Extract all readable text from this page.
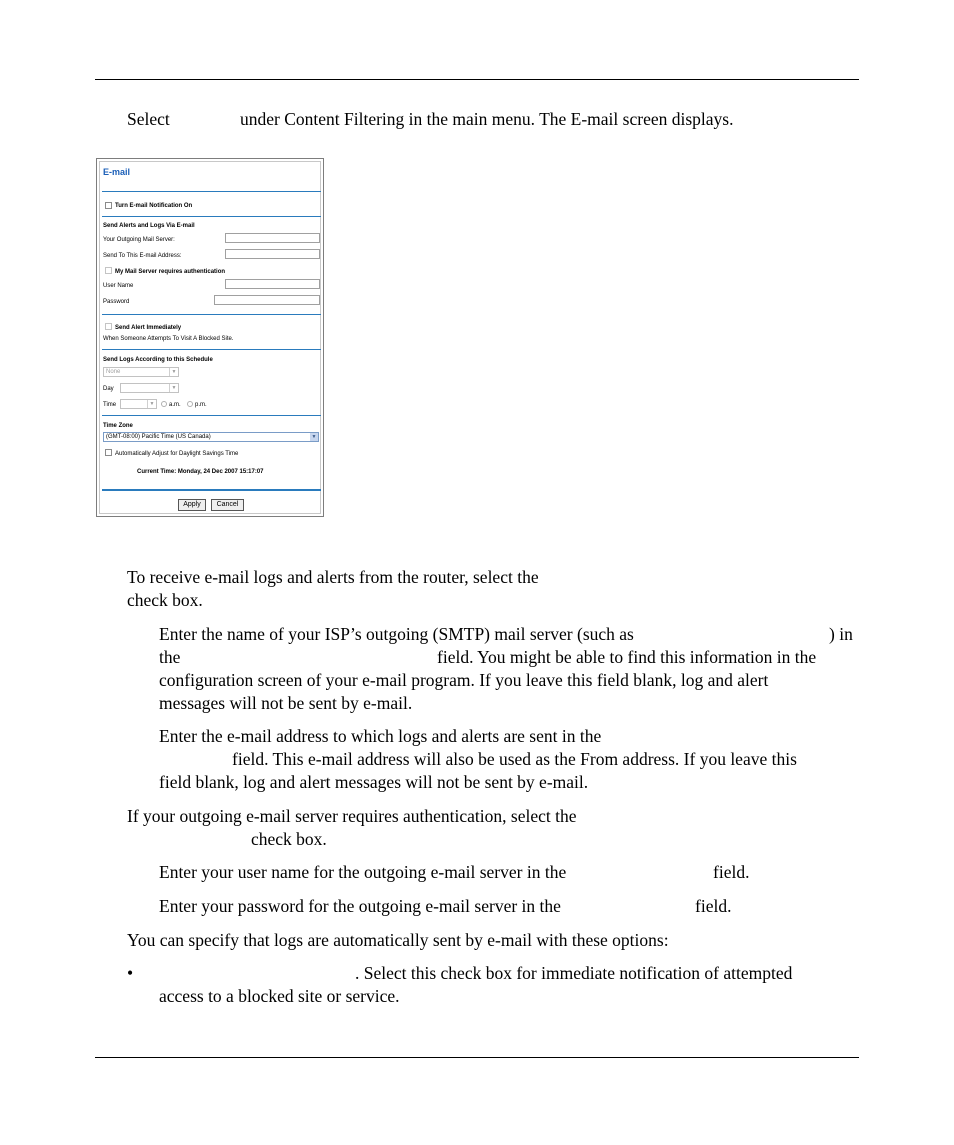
Select	under Content Filtering in the main menu. The E-mail screen displays.
E-mail
Turn E-mail Notification On
Send Alerts and Logs Via E-mail
Your Outgoing Mail Server:
Send To This E-mail Address:
My Mail Server requires authentication
User Name
Password
Send Alert Immediately
When Someone Attempts To Visit A Blocked Site.
Send Logs According to this Schedule
None	▼
Day	▼
Time	▼ a.m. p.m.
Time Zone
(GMT-08:00) Pacific Time (US Canada)	▼
Automatically Adjust for Daylight Savings Time
Current Time: Monday, 24 Dec 2007 15:17:07
Apply	Cancel
To receive e-mail logs and alerts from the router, select the
check box.
Enter the name of your ISP’s outgoing (SMTP) mail server (such as	) in
the	field. You might be able to find this information in the
configuration screen of your e-mail program. If you leave this field blank, log and alert
messages will not be sent by e-mail.
Enter the e-mail address to which logs and alerts are sent in the
field. This e-mail address will also be used as the From address. If you leave this
field blank, log and alert messages will not be sent by e-mail.
If your outgoing e-mail server requires authentication, select the
check box.
Enter your user name for the outgoing e-mail server in the	field.
Enter your password for the outgoing e-mail server in the	field.
You can specify that logs are automatically sent by e-mail with these options:
•	. Select this check box for immediate notification of attempted
access to a blocked site or service.
